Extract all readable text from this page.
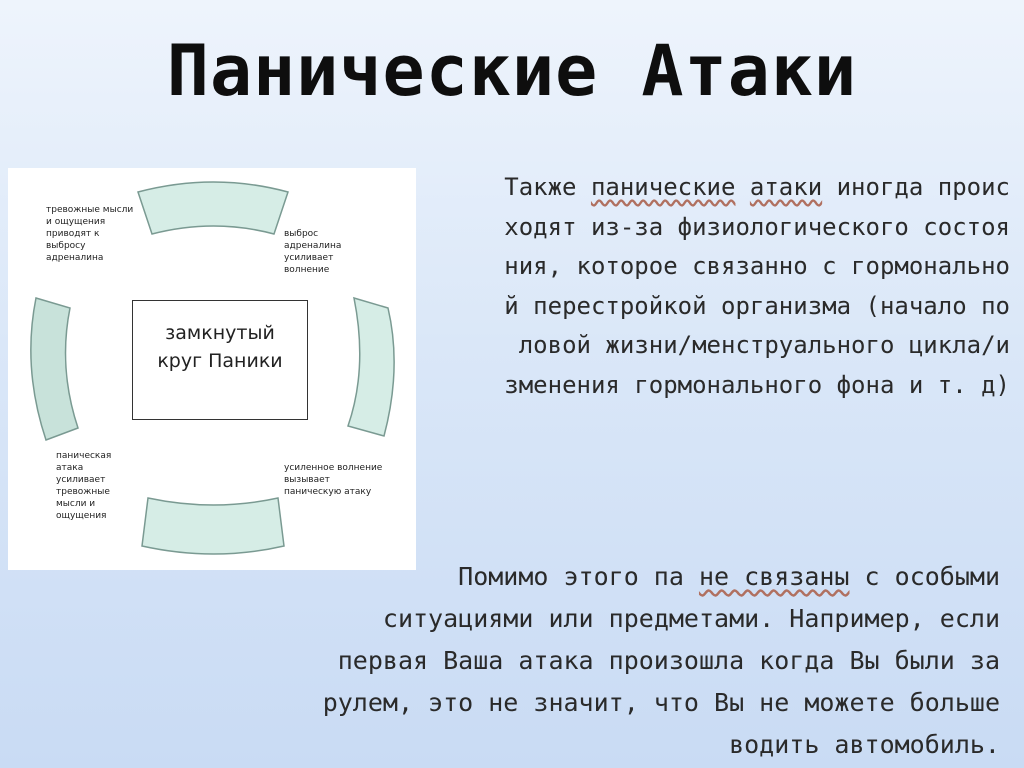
Панические Атаки
замкнутый
круг Паники
тревожные мысли и ощущения приводят к выбросу адреналина
выброс адреналина усиливает волнение
усиленное волнение вызывает паническую атаку
паническая атака усиливает тревожные мысли и ощущения
Также панические атаки иногда проис
ходят из-за физиологического состоя
ния, которое связанно с гормонально
й перестройкой организма (начало по
ловой жизни/менструального цикла/и
зменения гормонального фона и т. д)
Помимо этого па не связаны с особыми
ситуациями или предметами. Например, если
первая Ваша атака произошла когда Вы были за
рулем, это не значит, что Вы не можете больше
водить автомобиль.
